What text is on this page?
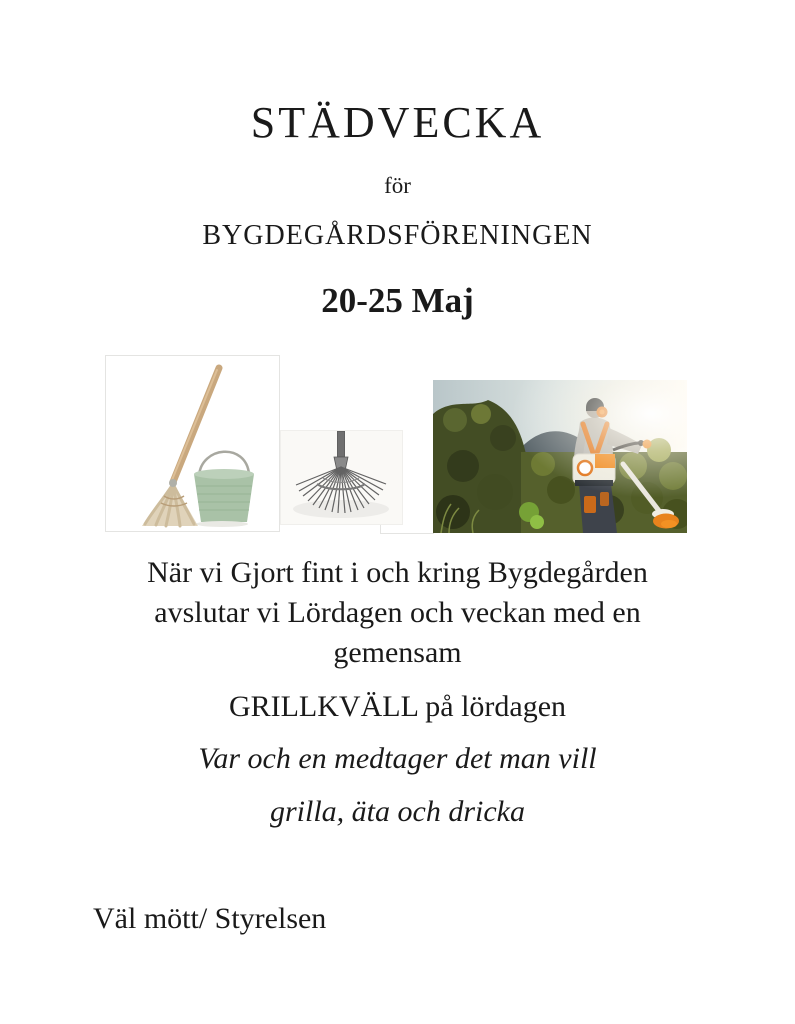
STÄDVECKA
för
BYGDEGÅRDSFÖRENINGEN
20-25 Maj
När vi Gjort fint i och kring Bygdegården
avslutar vi Lördagen och veckan med en
gemensam
GRILLKVÄLL på lördagen
Var och en medtager det man vill
grilla, äta och dricka
Väl mött/ Styrelsen
